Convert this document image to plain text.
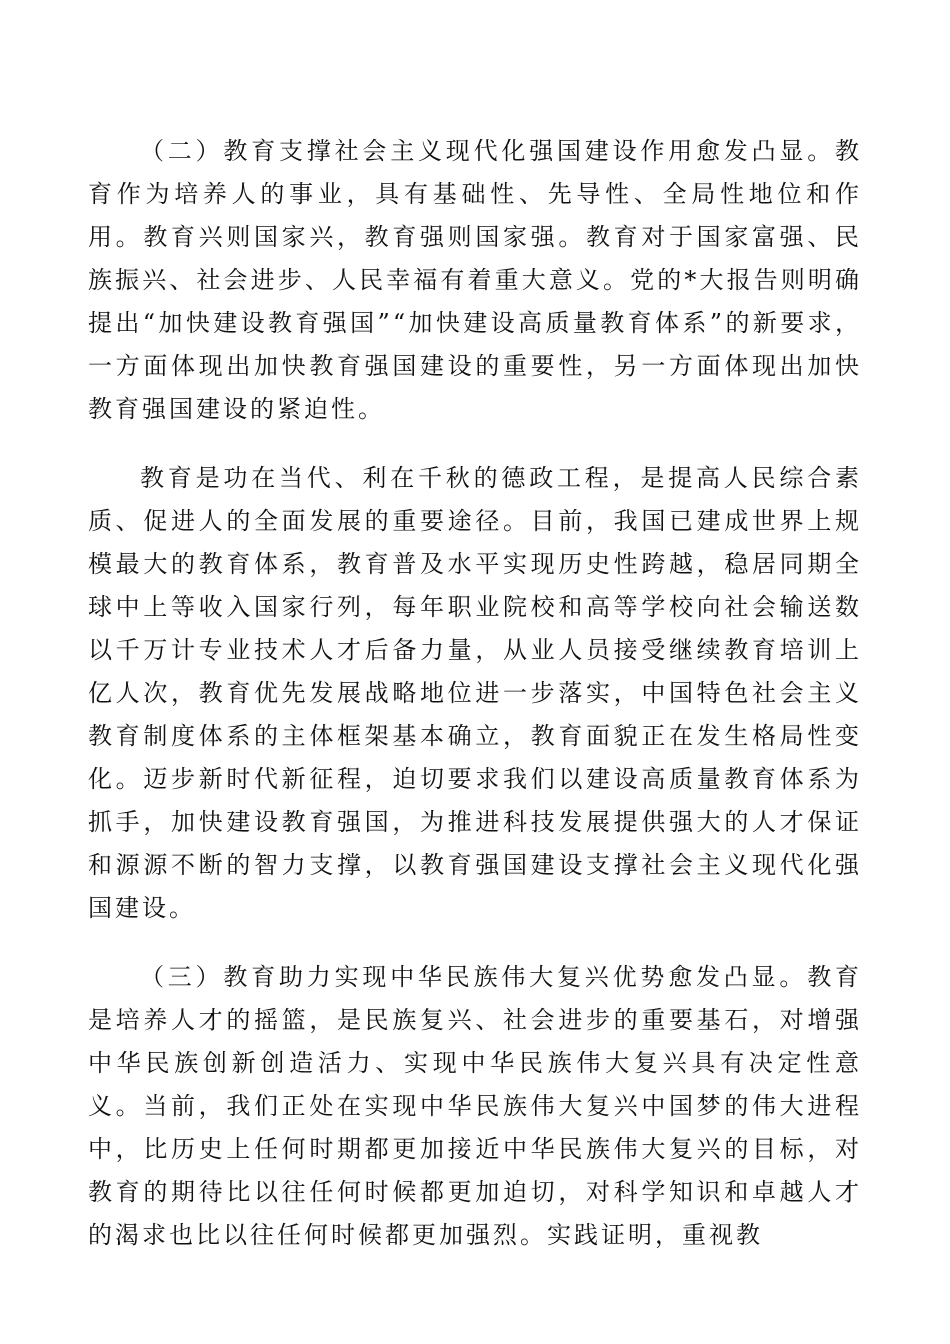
（二）教育支撑社会主义现代化强国建设作用愈发凸显。教育作为培养人的事业，具有基础性、先导性、全局性地位和作用。教育兴则国家兴，教育强则国家强。教育对于国家富强、民族振兴、社会进步、人民幸福有着重大意义。党的*大报告则明确提出“加快建设教育强国”“加快建设高质量教育体系”的新要求，一方面体现出加快教育强国建设的重要性，另一方面体现出加快教育强国建设的紧迫性。

教育是功在当代、利在千秋的德政工程，是提高人民综合素质、促进人的全面发展的重要途径。目前，我国已建成世界上规模最大的教育体系，教育普及水平实现历史性跨越，稳居同期全球中上等收入国家行列，每年职业院校和高等学校向社会输送数以千万计专业技术人才后备力量，从业人员接受继续教育培训上亿人次，教育优先发展战略地位进一步落实，中国特色社会主义教育制度体系的主体框架基本确立，教育面貌正在发生格局性变化。迈步新时代新征程，迫切要求我们以建设高质量教育体系为抓手，加快建设教育强国，为推进科技发展提供强大的人才保证和源源不断的智力支撑，以教育强国建设支撑社会主义现代化强国建设。

（三）教育助力实现中华民族伟大复兴优势愈发凸显。教育是培养人才的摇篮，是民族复兴、社会进步的重要基石，对增强中华民族创新创造活力、实现中华民族伟大复兴具有决定性意义。当前，我们正处在实现中华民族伟大复兴中国梦的伟大进程中，比历史上任何时期都更加接近中华民族伟大复兴的目标，对教育的期待比以往任何时候都更加迫切，对科学知识和卓越人才的渴求也比以往任何时候都更加强烈。实践证明，重视教
